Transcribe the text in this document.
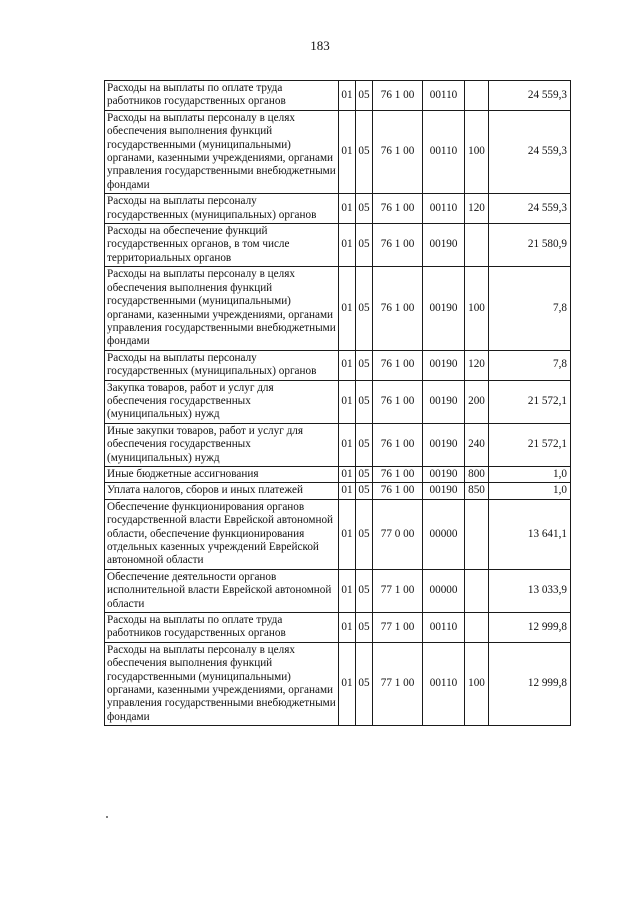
183
Расходы на выплаты по оплате труда работников государственных органов	01	05	76 1 00	00110		24 559,3
Расходы на выплаты персоналу в целях обеспечения выполнения функций государственными (муниципальными) органами, казенными учреждениями, органами управления государственными внебюджетными фондами	01	05	76 1 00	00110	100	24 559,3
Расходы на выплаты персоналу государственных (муниципальных) органов	01	05	76 1 00	00110	120	24 559,3
Расходы на обеспечение функций государственных органов, в том числе территориальных органов	01	05	76 1 00	00190		21 580,9
Расходы на выплаты персоналу в целях обеспечения выполнения функций государственными (муниципальными) органами, казенными учреждениями, органами управления государственными внебюджетными фондами	01	05	76 1 00	00190	100	7,8
Расходы на выплаты персоналу государственных (муниципальных) органов	01	05	76 1 00	00190	120	7,8
Закупка товаров, работ и услуг для обеспечения государственных (муниципальных) нужд	01	05	76 1 00	00190	200	21 572,1
Иные закупки товаров, работ и услуг для обеспечения государственных (муниципальных) нужд	01	05	76 1 00	00190	240	21 572,1
Иные бюджетные ассигнования	01	05	76 1 00	00190	800	1,0
Уплата налогов, сборов и иных платежей	01	05	76 1 00	00190	850	1,0
Обеспечение функционирования органов государственной власти Еврейской автономной области, обеспечение функционирования отдельных казенных учреждений Еврейской автономной области	01	05	77 0 00	00000		13 641,1
Обеспечение деятельности органов исполнительной власти Еврейской автономной области	01	05	77 1 00	00000		13 033,9
Расходы на выплаты по оплате труда работников государственных органов	01	05	77 1 00	00110		12 999,8
Расходы на выплаты персоналу в целях обеспечения выполнения функций государственными (муниципальными) органами, казенными учреждениями, органами управления государственными внебюджетными фондами	01	05	77 1 00	00110	100	12 999,8
